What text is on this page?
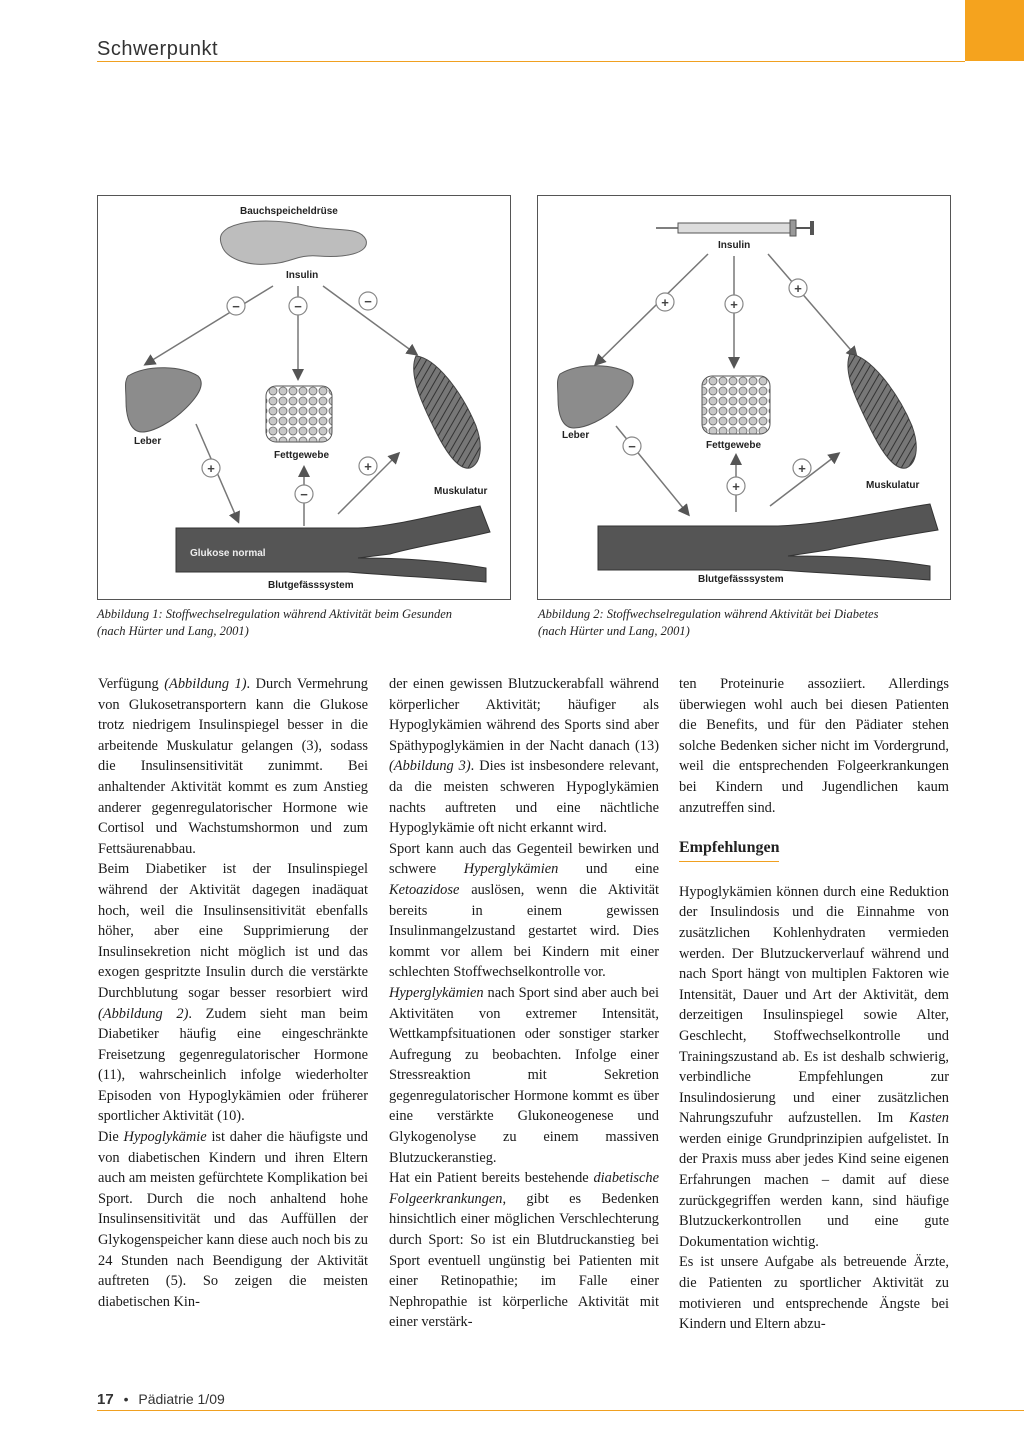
Schwerpunkt
Bauchspeicheldrüse
Insulin
−	−	−
Leber
Fettgewebe
Muskulatur
+
−
+
Glukose normal
Blutgefässsystem
Insulin
+	+
+
Leber
Fettgewebe
Muskulatur
−
+
+
Blutgefässsystem
Abbildung 1: Stoffwechselregulation während Aktivität beim Gesunden
(nach Hürter und Lang, 2001)
Abbildung 2: Stoffwechselregulation während Aktivität bei Diabetes
(nach Hürter und Lang, 2001)

Verfügung (Abbildung 1). Durch Vermehrung von Glukosetransportern kann die Glukose trotz niedrigem Insulinspiegel besser in die arbeitende Muskulatur gelangen (3), sodass die Insulinsensitivität zunimmt. Bei anhaltender Aktivität kommt es zum Anstieg anderer gegenregulatorischer Hormone wie Cortisol und Wachstumshormon und zum Fettsäurenabbau.

Beim Diabetiker ist der Insulinspiegel während der Aktivität dagegen inadäquat hoch, weil die Insulinsensitivität ebenfalls höher, aber eine Supprimierung der Insulinsekretion nicht möglich ist und das exogen gespritzte Insulin durch die verstärkte Durchblutung sogar besser resorbiert wird (Abbildung 2). Zudem sieht man beim Diabetiker häufig eine eingeschränkte Freisetzung gegenregulatorischer Hormone (11), wahrscheinlich infolge wiederholter Episoden von Hypoglykämien oder früherer sportlicher Aktivität (10).

Die Hypoglykämie ist daher die häufigste und von diabetischen Kindern und ihren Eltern auch am meisten gefürchtete Komplikation bei Sport. Durch die noch anhaltend hohe Insulinsensitivität und das Auffüllen der Glykogenspeicher kann diese auch noch bis zu 24 Stunden nach Beendigung der Aktivität auftreten (5). So zeigen die meisten diabetischen Kin-

der einen gewissen Blutzuckerabfall während körperlicher Aktivität; häufiger als Hypoglykämien während des Sports sind aber Späthypoglykämien in der Nacht danach (13) (Abbildung 3). Dies ist insbesondere relevant, da die meisten schweren Hypoglykämien nachts auftreten und eine nächtliche Hypoglykämie oft nicht erkannt wird.

Sport kann auch das Gegenteil bewirken und schwere Hyperglykämien und eine Ketoazidose auslösen, wenn die Aktivität bereits in einem gewissen Insulinmangelzustand gestartet wird. Dies kommt vor allem bei Kindern mit einer schlechten Stoffwechselkontrolle vor.

Hyperglykämien nach Sport sind aber auch bei Aktivitäten von extremer Intensität, Wettkampfsituationen oder sonstiger starker Aufregung zu beobachten. Infolge einer Stressreaktion mit Sekretion gegenregulatorischer Hormone kommt es über eine verstärkte Glukoneogenese und Glykogenolyse zu einem massiven Blutzuckeranstieg.

Hat ein Patient bereits bestehende diabetische Folgeerkrankungen, gibt es Bedenken hinsichtlich einer möglichen Verschlechterung durch Sport: So ist ein Blutdruckanstieg bei Sport eventuell ungünstig bei Patienten mit einer Retinopathie; im Falle einer Nephropathie ist körperliche Aktivität mit einer verstärk-

ten Proteinurie assoziiert. Allerdings überwiegen wohl auch bei diesen Patienten die Benefits, und für den Pädiater stehen solche Bedenken sicher nicht im Vordergrund, weil die entsprechenden Folgeerkrankungen bei Kindern und Jugendlichen kaum anzutreffen sind.

Empfehlungen

Hypoglykämien können durch eine Reduktion der Insulindosis und die Einnahme von zusätzlichen Kohlenhydraten vermieden werden. Der Blutzuckerverlauf während und nach Sport hängt von multiplen Faktoren wie Intensität, Dauer und Art der Aktivität, dem derzeitigen Insulinspiegel sowie Alter, Geschlecht, Stoffwechselkontrolle und Trainingszustand ab. Es ist deshalb schwierig, verbindliche Empfehlungen zur Insulindosierung und einer zusätzlichen Nahrungszufuhr aufzustellen. Im Kasten werden einige Grundprinzipien aufgelistet. In der Praxis muss aber jedes Kind seine eigenen Erfahrungen machen – damit auf diese zurückgegriffen werden kann, sind häufige Blutzuckerkontrollen und eine gute Dokumentation wichtig.

Es ist unsere Aufgabe als betreuende Ärzte, die Patienten zu sportlicher Aktivität zu motivieren und entsprechende Ängste bei Kindern und Eltern abzu-

17 • Pädiatrie 1/09
